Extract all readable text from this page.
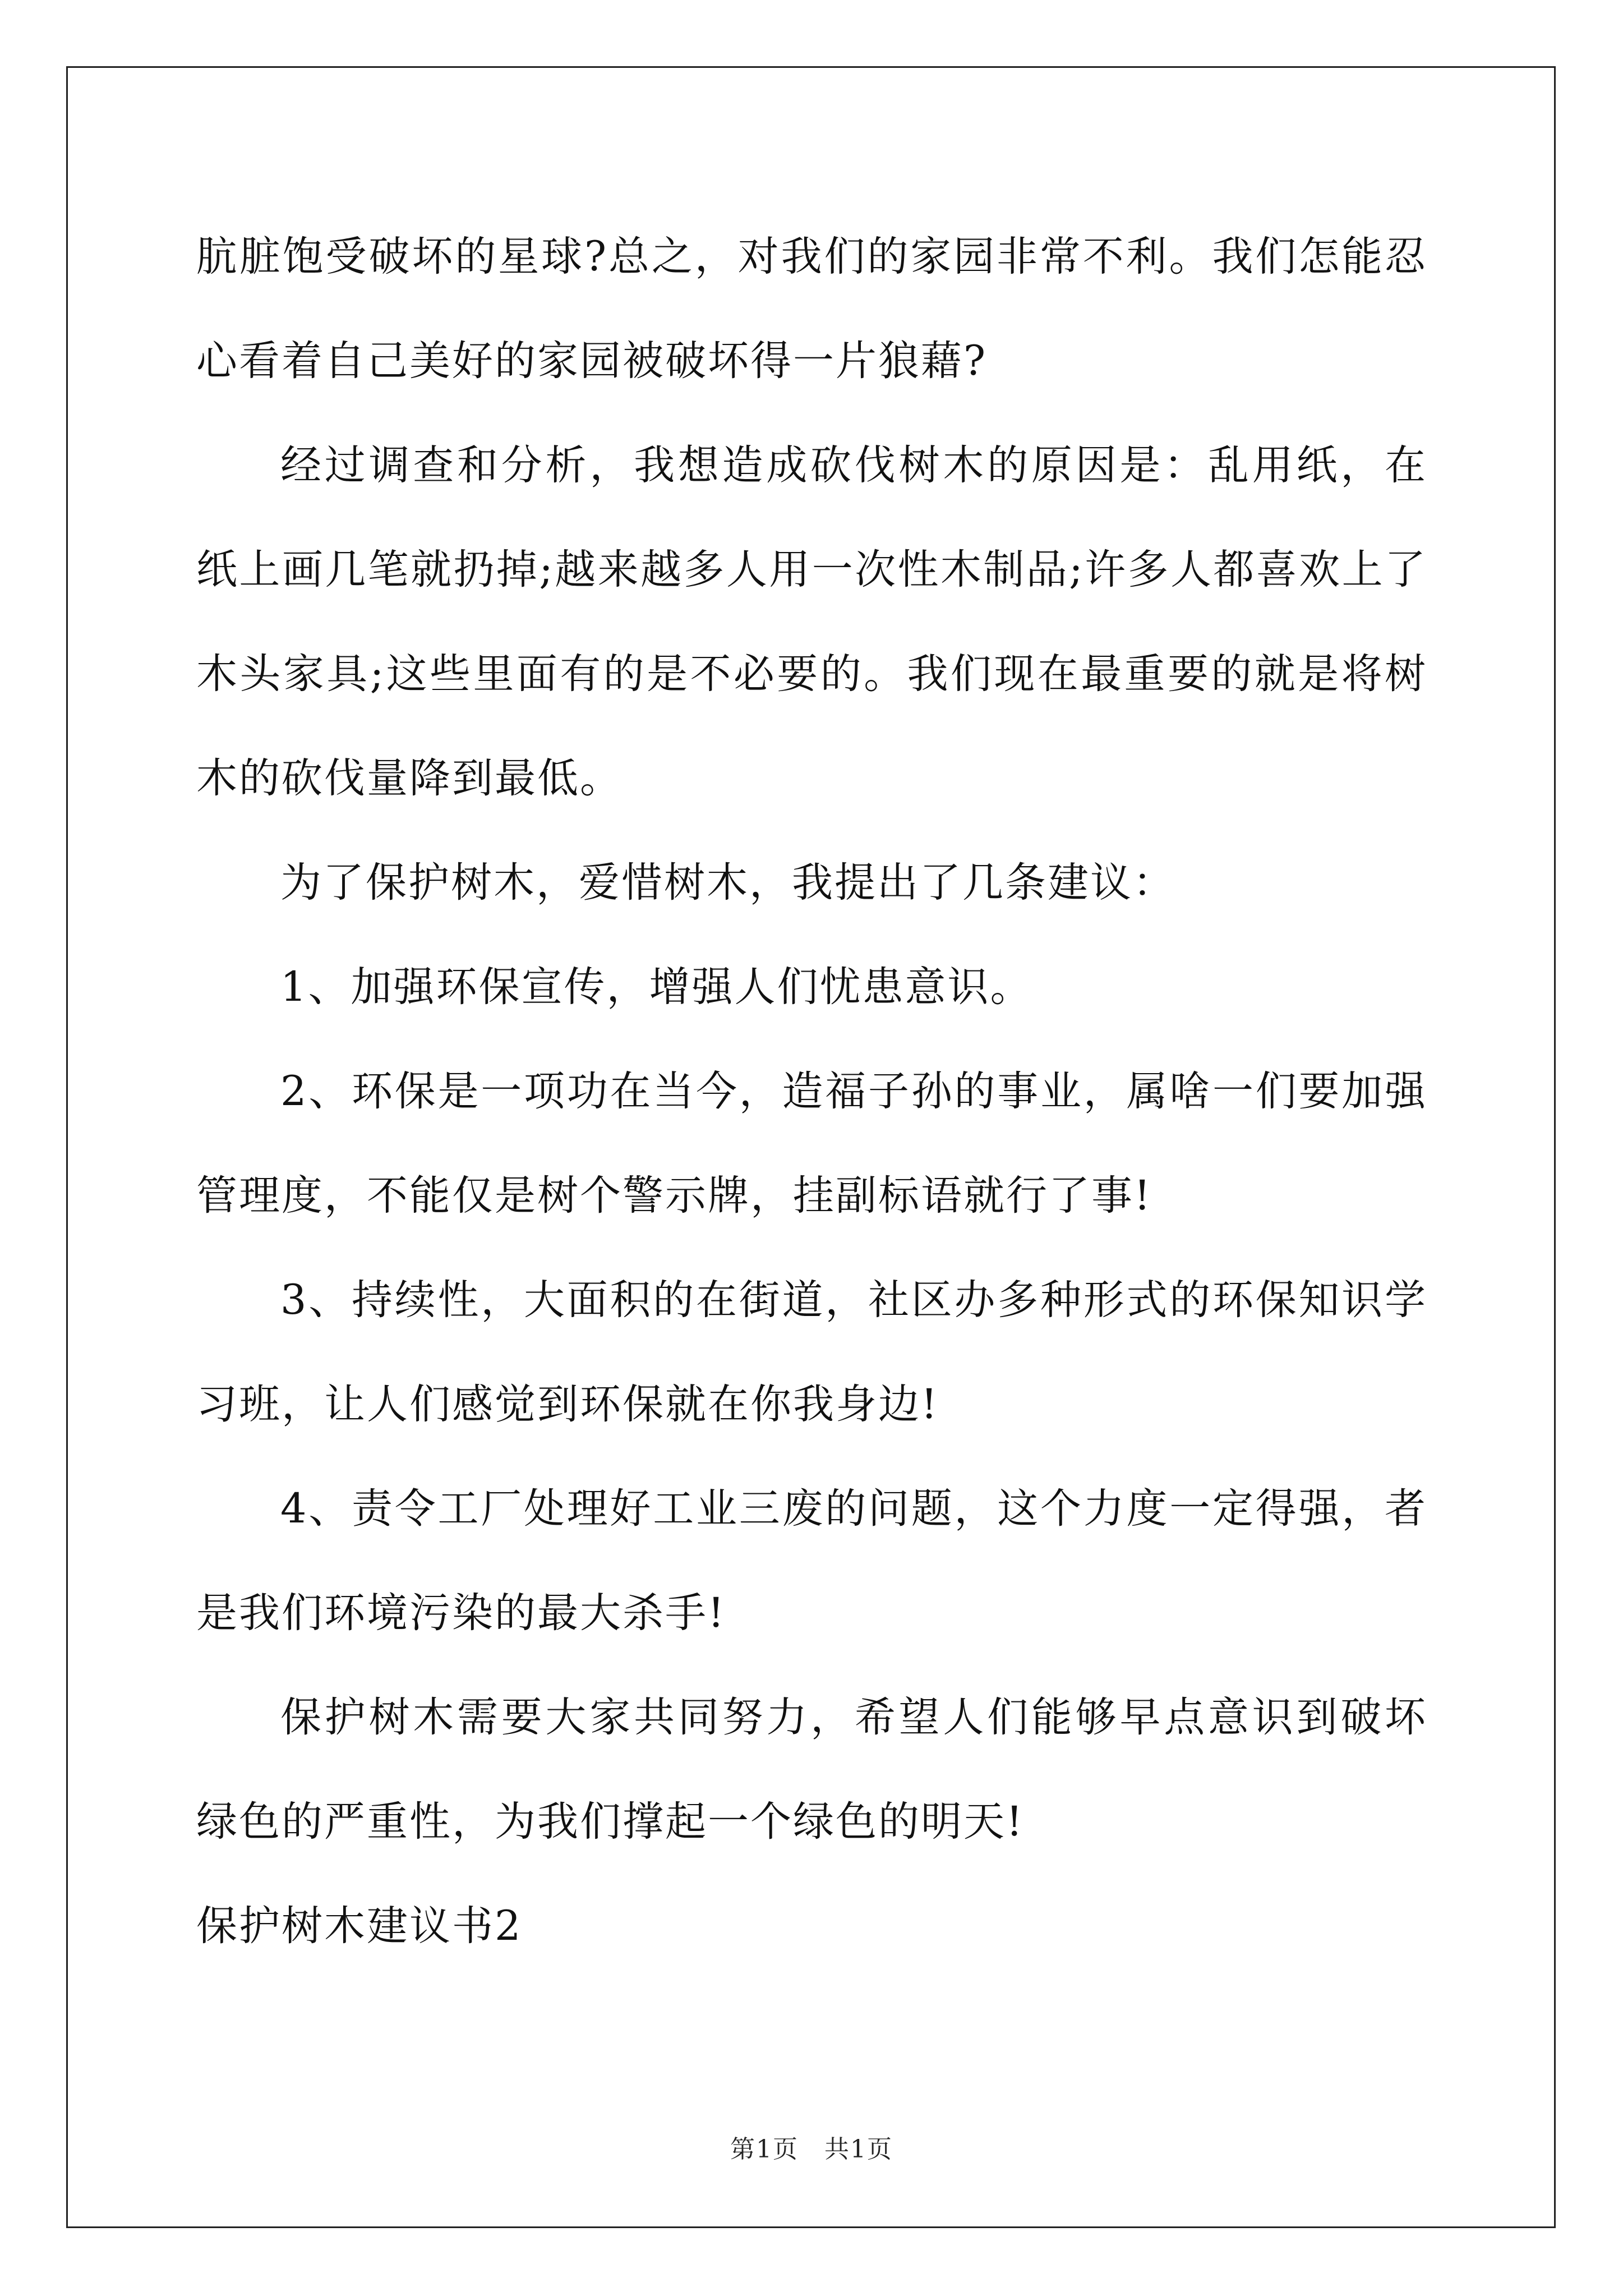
肮脏饱受破坏的星球?总之，对我们的家园非常不利。我们怎能忍心看着自己美好的家园被破坏得一片狼藉?

经过调查和分析，我想造成砍伐树木的原因是：乱用纸，在纸上画几笔就扔掉;越来越多人用一次性木制品;许多人都喜欢上了木头家具;这些里面有的是不必要的。我们现在最重要的就是将树木的砍伐量降到最低。

为了保护树木，爱惜树木，我提出了几条建议：

1、加强环保宣传，增强人们忧患意识。

2、环保是一项功在当今，造福子孙的事业，属啥一们要加强管理度，不能仅是树个警示牌，挂副标语就行了事!

3、持续性，大面积的在街道，社区办多种形式的环保知识学习班，让人们感觉到环保就在你我身边!

4、责令工厂处理好工业三废的问题，这个力度一定得强，者是我们环境污染的最大杀手!

保护树木需要大家共同努力，希望人们能够早点意识到破坏绿色的严重性，为我们撑起一个绿色的明天!

保护树木建议书2

第1页　共1页
